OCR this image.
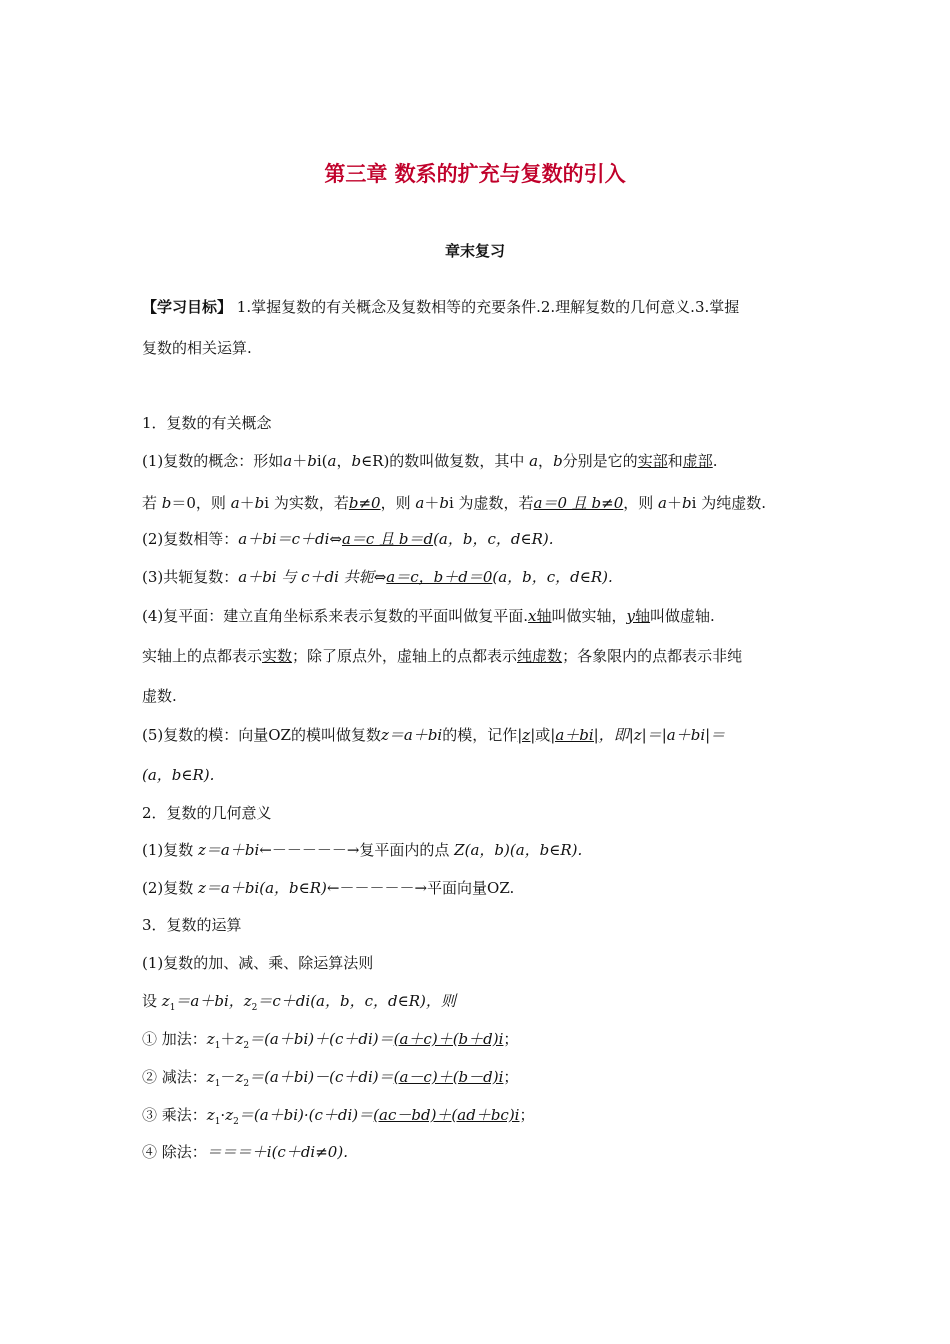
第三章 数系的扩充与复数的引入
章末复习
【学习目标】 1.掌握复数的有关概念及复数相等的充要条件.2.理解复数的几何意义.3.掌握
复数的相关运算.
1．复数的有关概念
(1)复数的概念：形如a＋bi(a，b∈R)的数叫做复数，其中 a，b分别是它的实部和虚部.
若 b＝0，则 a＋bi 为实数，若b≠0，则 a＋bi 为虚数，若a＝0 且 b≠0，则 a＋bi 为纯虚数.
(2)复数相等：a＋bi＝c＋di⇔a＝c 且 b＝d(a，b，c，d∈R).
(3)共轭复数：a＋bi 与 c＋di 共轭⇔a＝c，b＋d＝0(a，b，c，d∈R).
(4)复平面：建立直角坐标系来表示复数的平面叫做复平面.x轴叫做实轴，y轴叫做虚轴.
实轴上的点都表示实数；除了原点外，虚轴上的点都表示纯虚数；各象限内的点都表示非纯
虚数.
(5)复数的模：向量OZ的模叫做复数z＝a＋bi的模，记作|z|或|a＋bi|，即|z|＝|a＋bi|＝
(a，b∈R).
2．复数的几何意义
(1)复数 z＝a＋bi←－－－－－→复平面内的点 Z(a，b)(a，b∈R).
(2)复数 z＝a＋bi(a，b∈R)←－－－－－→平面向量OZ.
3．复数的运算
(1)复数的加、减、乘、除运算法则
设 $z_1=a+bi$，$z_2=c+di(a$，b，c，d∈R)，则
① 加法：$z_1+z_2=(a+bi)+(c+di)=(a+c)+(b+d)i$；
② 减法：$z_1-z_2=(a+bi)-(c+di)=(a-c)+(b-d)i$；
③ 乘法：$z_1\cdot z_2=(a+bi)\cdot(c+di)=(ac-bd)+(ad+bc)i$；
④ 除法：＝＝＝＋i(c＋di≠0).
